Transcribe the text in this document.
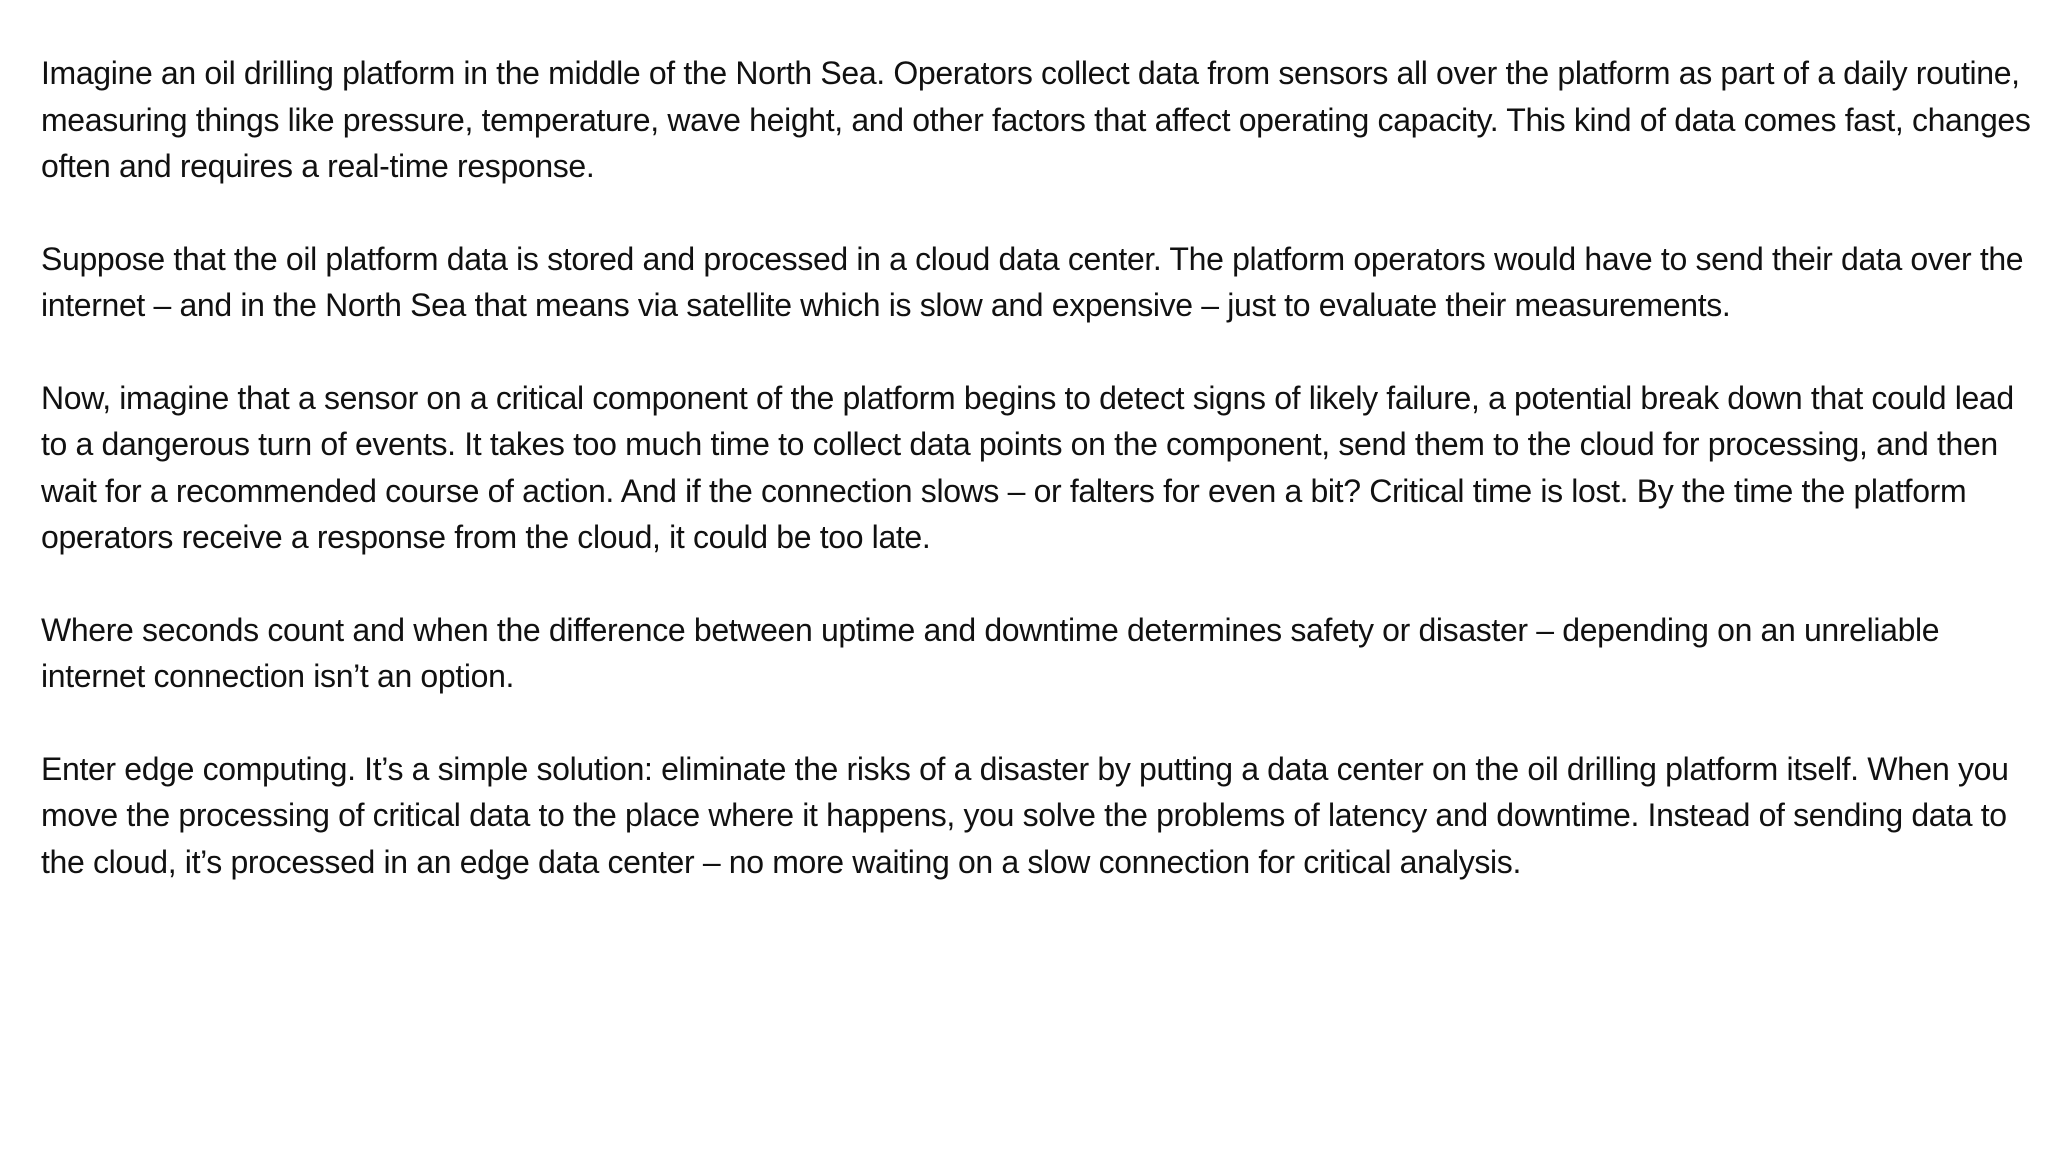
Imagine an oil drilling platform in the middle of the North Sea. Operators collect data from sensors all over the platform as part of a daily routine, measuring things like pressure, temperature, wave height, and other factors that affect operating capacity. This kind of data comes fast, changes often and requires a real-time response.

Suppose that the oil platform data is stored and processed in a cloud data center. The platform operators would have to send their data over the internet – and in the North Sea that means via satellite which is slow and expensive – just to evaluate their measurements.

Now, imagine that a sensor on a critical component of the platform begins to detect signs of likely failure, a potential break down that could lead to a dangerous turn of events. It takes too much time to collect data points on the component, send them to the cloud for processing, and then wait for a recommended course of action. And if the connection slows – or falters for even a bit? Critical time is lost. By the time the platform operators receive a response from the cloud, it could be too late.

Where seconds count and when the difference between uptime and downtime determines safety or disaster – depending on an unreliable internet connection isn’t an option.

Enter edge computing. It’s a simple solution: eliminate the risks of a disaster by putting a data center on the oil drilling platform itself. When you move the processing of critical data to the place where it happens, you solve the problems of latency and downtime. Instead of sending data to the cloud, it’s processed in an edge data center – no more waiting on a slow connection for critical analysis.
